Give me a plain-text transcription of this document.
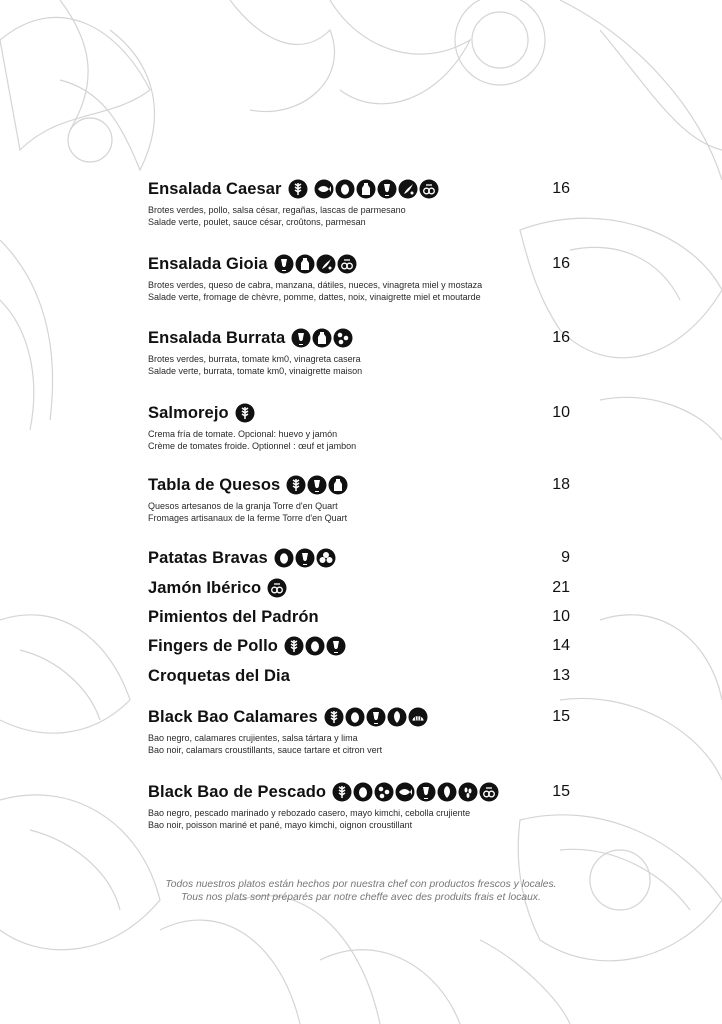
Ensalada Caesar	16
Brotes verdes, pollo, salsa césar, regañas, lascas de parmesano
Salade verte, poulet, sauce césar, croûtons, parmesan
Ensalada Gioia	16
Brotes verdes, queso de cabra, manzana, dátiles, nueces, vinagreta miel y mostaza
Salade verte, fromage de chèvre, pomme, dattes, noix, vinaigrette miel et moutarde
Ensalada Burrata	16
Brotes verdes, burrata, tomate km0, vinagreta casera
Salade verte, burrata, tomate km0, vinaigrette maison
Salmorejo	10
Crema fría de tomate. Opcional: huevo y jamón
Crème de tomates froide. Optionnel : œuf et jambon
Tabla de Quesos	18
Quesos artesanos de la granja Torre d'en Quart
Fromages artisanaux de la ferme Torre d'en Quart
Patatas Bravas	9
Jamón Ibérico	21
Pimientos del Padrón	10
Fingers de Pollo	14
Croquetas del Dia	13
Black Bao Calamares	15
Bao negro, calamares crujientes, salsa tártara y lima
Bao noir, calamars croustillants, sauce tartare et citron vert
Black Bao de Pescado	15
Bao negro, pescado marinado y rebozado casero, mayo kimchi, cebolla crujiente
Bao noir, poisson mariné et pané, mayo kimchi, oignon croustillant
Todos nuestros platos están hechos por nuestra chef con productos frescos y locales.
Tous nos plats sont préparés par notre cheffe avec des produits frais et locaux.
